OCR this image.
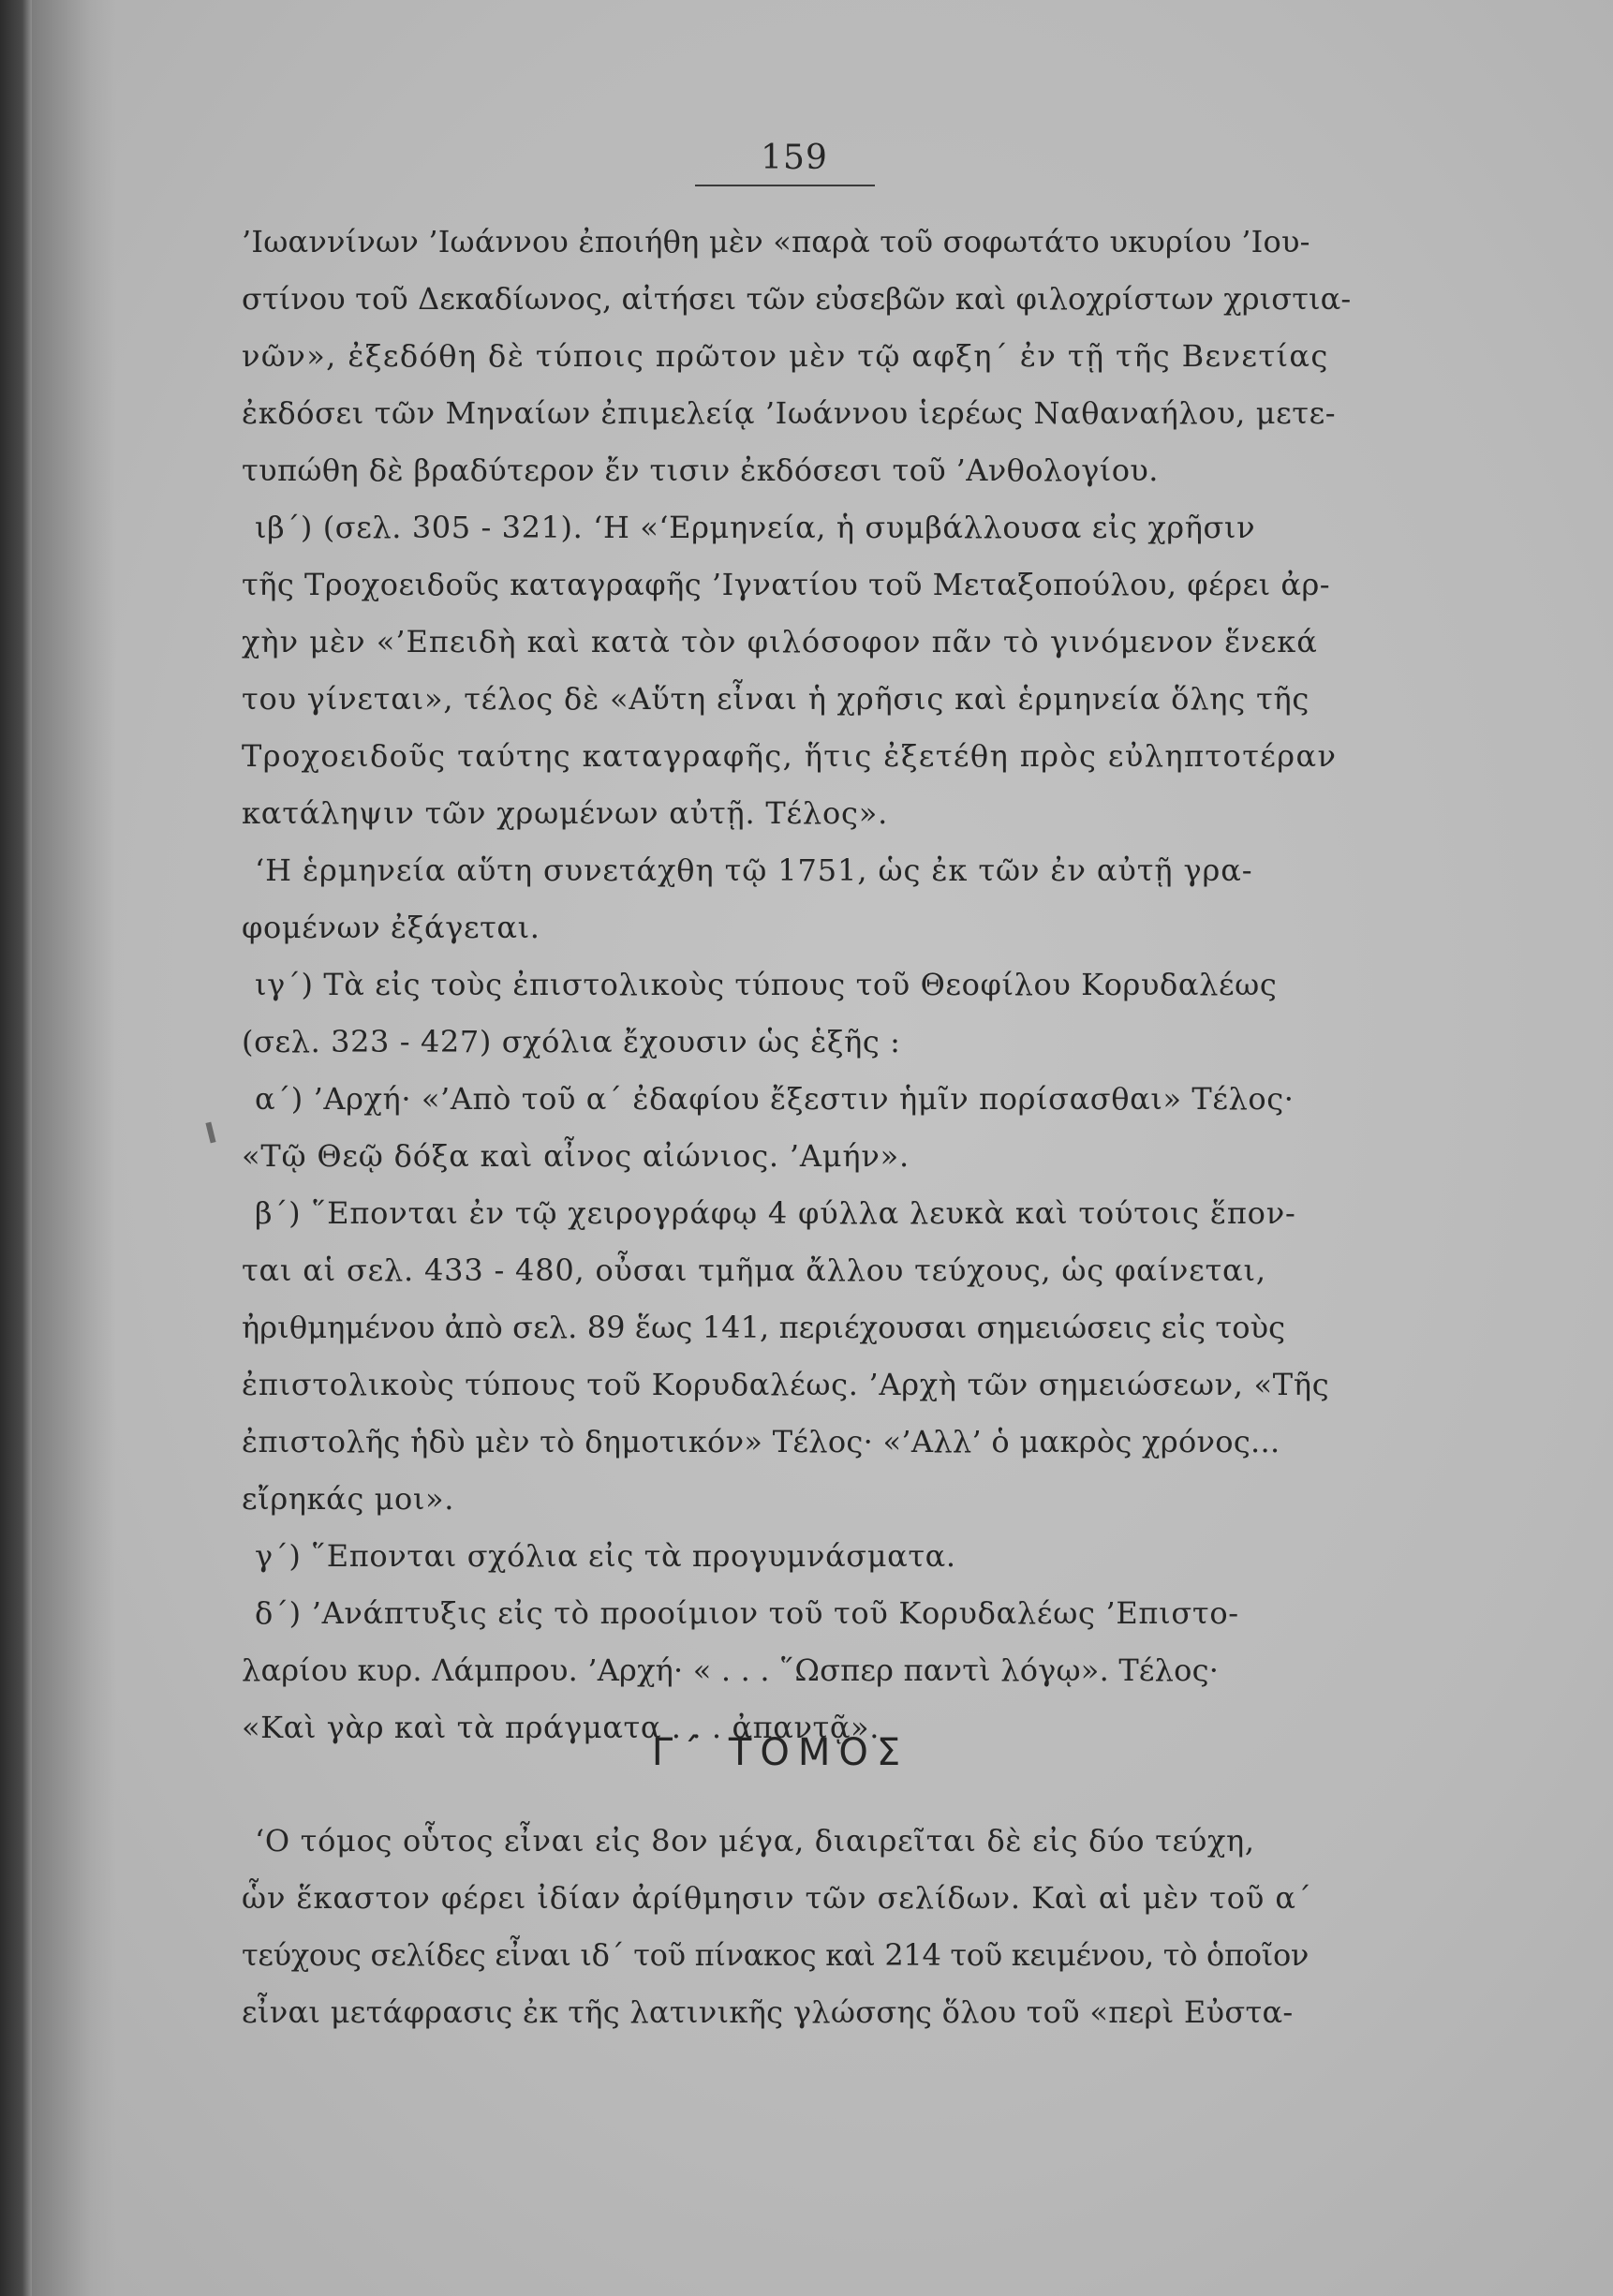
159
’Ιωαννίνων ’Ιωάννου ἐποιήθη μὲν «παρὰ τοῦ σοφωτάτο υκυρίου ’Ιου-
στίνου τοῦ Δεκαδίωνος, αἰτήσει τῶν εὐσεβῶν καὶ φιλοχρίστων χριστια-
νῶν», ἐξεδόθη δὲ τύποις πρῶτον μὲν τῷ αφξη΄ ἐν τῇ τῆς Βενετίας
ἐκδόσει τῶν Μηναίων ἐπιμελείᾳ ’Ιωάννου ἱερέως Ναθαναήλου, μετε-
τυπώθη δὲ βραδύτερον ἔν τισιν ἐκδόσεσι τοῦ ’Ανθολογίου.
ιβ΄) (σελ. 305 - 321). ‘Η «‘Ερμηνεία, ἡ συμβάλλουσα εἰς χρῆσιν
τῆς Τροχοειδοῦς καταγραφῆς ’Ιγνατίου τοῦ Μεταξοπούλου, φέρει ἀρ-
χὴν μὲν «’Επειδὴ καὶ κατὰ τὸν φιλόσοφον πᾶν τὸ γινόμενον ἕνεκά
του γίνεται», τέλος δὲ «Αὕτη εἶναι ἡ χρῆσις καὶ ἑρμηνεία ὅλης τῆς
Τροχοειδοῦς ταύτης καταγραφῆς, ἥτις ἐξετέθη πρὸς εὐληπτοτέραν
κατάληψιν τῶν χρωμένων αὐτῇ. Τέλος».
‘Η ἑρμηνεία αὕτη συνετάχθη τῷ 1751, ὡς ἐκ τῶν ἐν αὐτῇ γρα-
φομένων ἐξάγεται.
ιγ΄) Τὰ εἰς τοὺς ἐπιστολικοὺς τύπους τοῦ Θεοφίλου Κορυδαλέως
(σελ. 323 - 427) σχόλια ἔχουσιν ὡς ἑξῆς :
α΄) ’Αρχή· «’Απὸ τοῦ α΄ ἐδαφίου ἔξεστιν ἡμῖν πορίσασθαι» Τέλος·
«Τῷ Θεῷ δόξα καὶ αἶνος αἰώνιος. ’Αμήν».
β΄) ῞Επονται ἐν τῷ χειρογράφῳ 4 φύλλα λευκὰ καὶ τούτοις ἕπον-
ται αἱ σελ. 433 - 480, οὖσαι τμῆμα ἄλλου τεύχους, ὡς φαίνεται,
ἠριθμημένου ἀπὸ σελ. 89 ἕως 141, περιέχουσαι σημειώσεις εἰς τοὺς
ἐπιστολικοὺς τύπους τοῦ Κορυδαλέως. ’Αρχὴ τῶν σημειώσεων, «Τῆς
ἐπιστολῆς ἡδὺ μὲν τὸ δημοτικόν» Τέλος· «’Αλλ’ ὁ μακρὸς χρόνος...
εἴρηκάς μοι».
γ΄) ῞Επονται σχόλια εἰς τὰ προγυμνάσματα.
δ΄) ’Ανάπτυξις εἰς τὸ προοίμιον τοῦ τοῦ Κορυδαλέως ’Επιστο-
λαρίου κυρ. Λάμπρου. ’Αρχή· « . . . ῞Ωσπερ παντὶ λόγῳ». Τέλος·
«Καὶ γὰρ καὶ τὰ πράγματα . . . ἀπαντᾷ».
Γ΄ ΤΟΜΟΣ
‘Ο τόμος οὗτος εἶναι εἰς 8ον μέγα, διαιρεῖται δὲ εἰς δύο τεύχη,
ὧν ἕκαστον φέρει ἰδίαν ἀρίθμησιν τῶν σελίδων. Καὶ αἱ μὲν τοῦ α΄
τεύχους σελίδες εἶναι ιδ΄ τοῦ πίνακος καὶ 214 τοῦ κειμένου, τὸ ὁποῖον
εἶναι μετάφρασις ἐκ τῆς λατινικῆς γλώσσης ὅλου τοῦ «περὶ Εὐστα-
